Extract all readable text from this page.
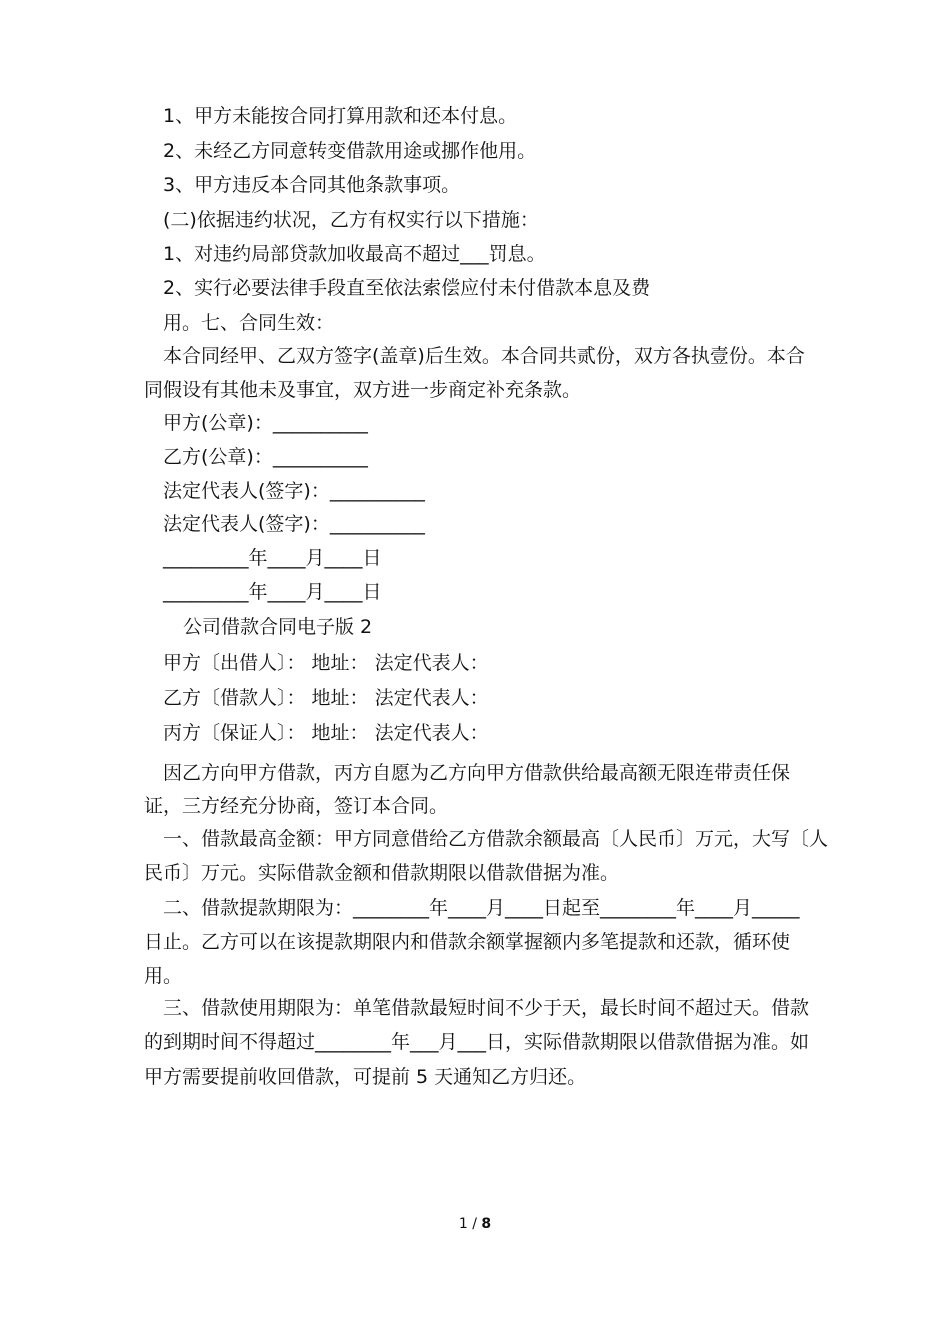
1、甲方未能按合同打算用款和还本付息。
2、未经乙方同意转变借款用途或挪作他用。
3、甲方违反本合同其他条款事项。
(二)依据违约状况，乙方有权实行以下措施：
1、对违约局部贷款加收最高不超过___罚息。
2、实行必要法律手段直至依法索偿应付未付借款本息及费
用。七、合同生效：
本合同经甲、乙双方签字(盖章)后生效。本合同共贰份，双方各执壹份。本合
同假设有其他未及事宜，双方进一步商定补充条款。
甲方(公章)：__________
乙方(公章)：__________
法定代表人(签字)：__________
法定代表人(签字)：__________
_________年____月____日
_________年____月____日
公司借款合同电子版 2
甲方〔出借人〕： 地址： 法定代表人：
乙方〔借款人〕： 地址： 法定代表人：
丙方〔保证人〕： 地址： 法定代表人：
因乙方向甲方借款，丙方自愿为乙方向甲方借款供给最高额无限连带责任保
证，三方经充分协商，签订本合同。
一、借款最高金额：甲方同意借给乙方借款余额最高〔人民币〕万元，大写〔人
民币〕万元。实际借款金额和借款期限以借款借据为准。
二、借款提款期限为：________年____月____日起至________年____月_____
日止。乙方可以在该提款期限内和借款余额掌握额内多笔提款和还款，循环使
用。
三、借款使用期限为：单笔借款最短时间不少于天，最长时间不超过天。借款
的到期时间不得超过________年___月___日，实际借款期限以借款借据为准。如
甲方需要提前收回借款，可提前 5 天通知乙方归还。
1 / 8
